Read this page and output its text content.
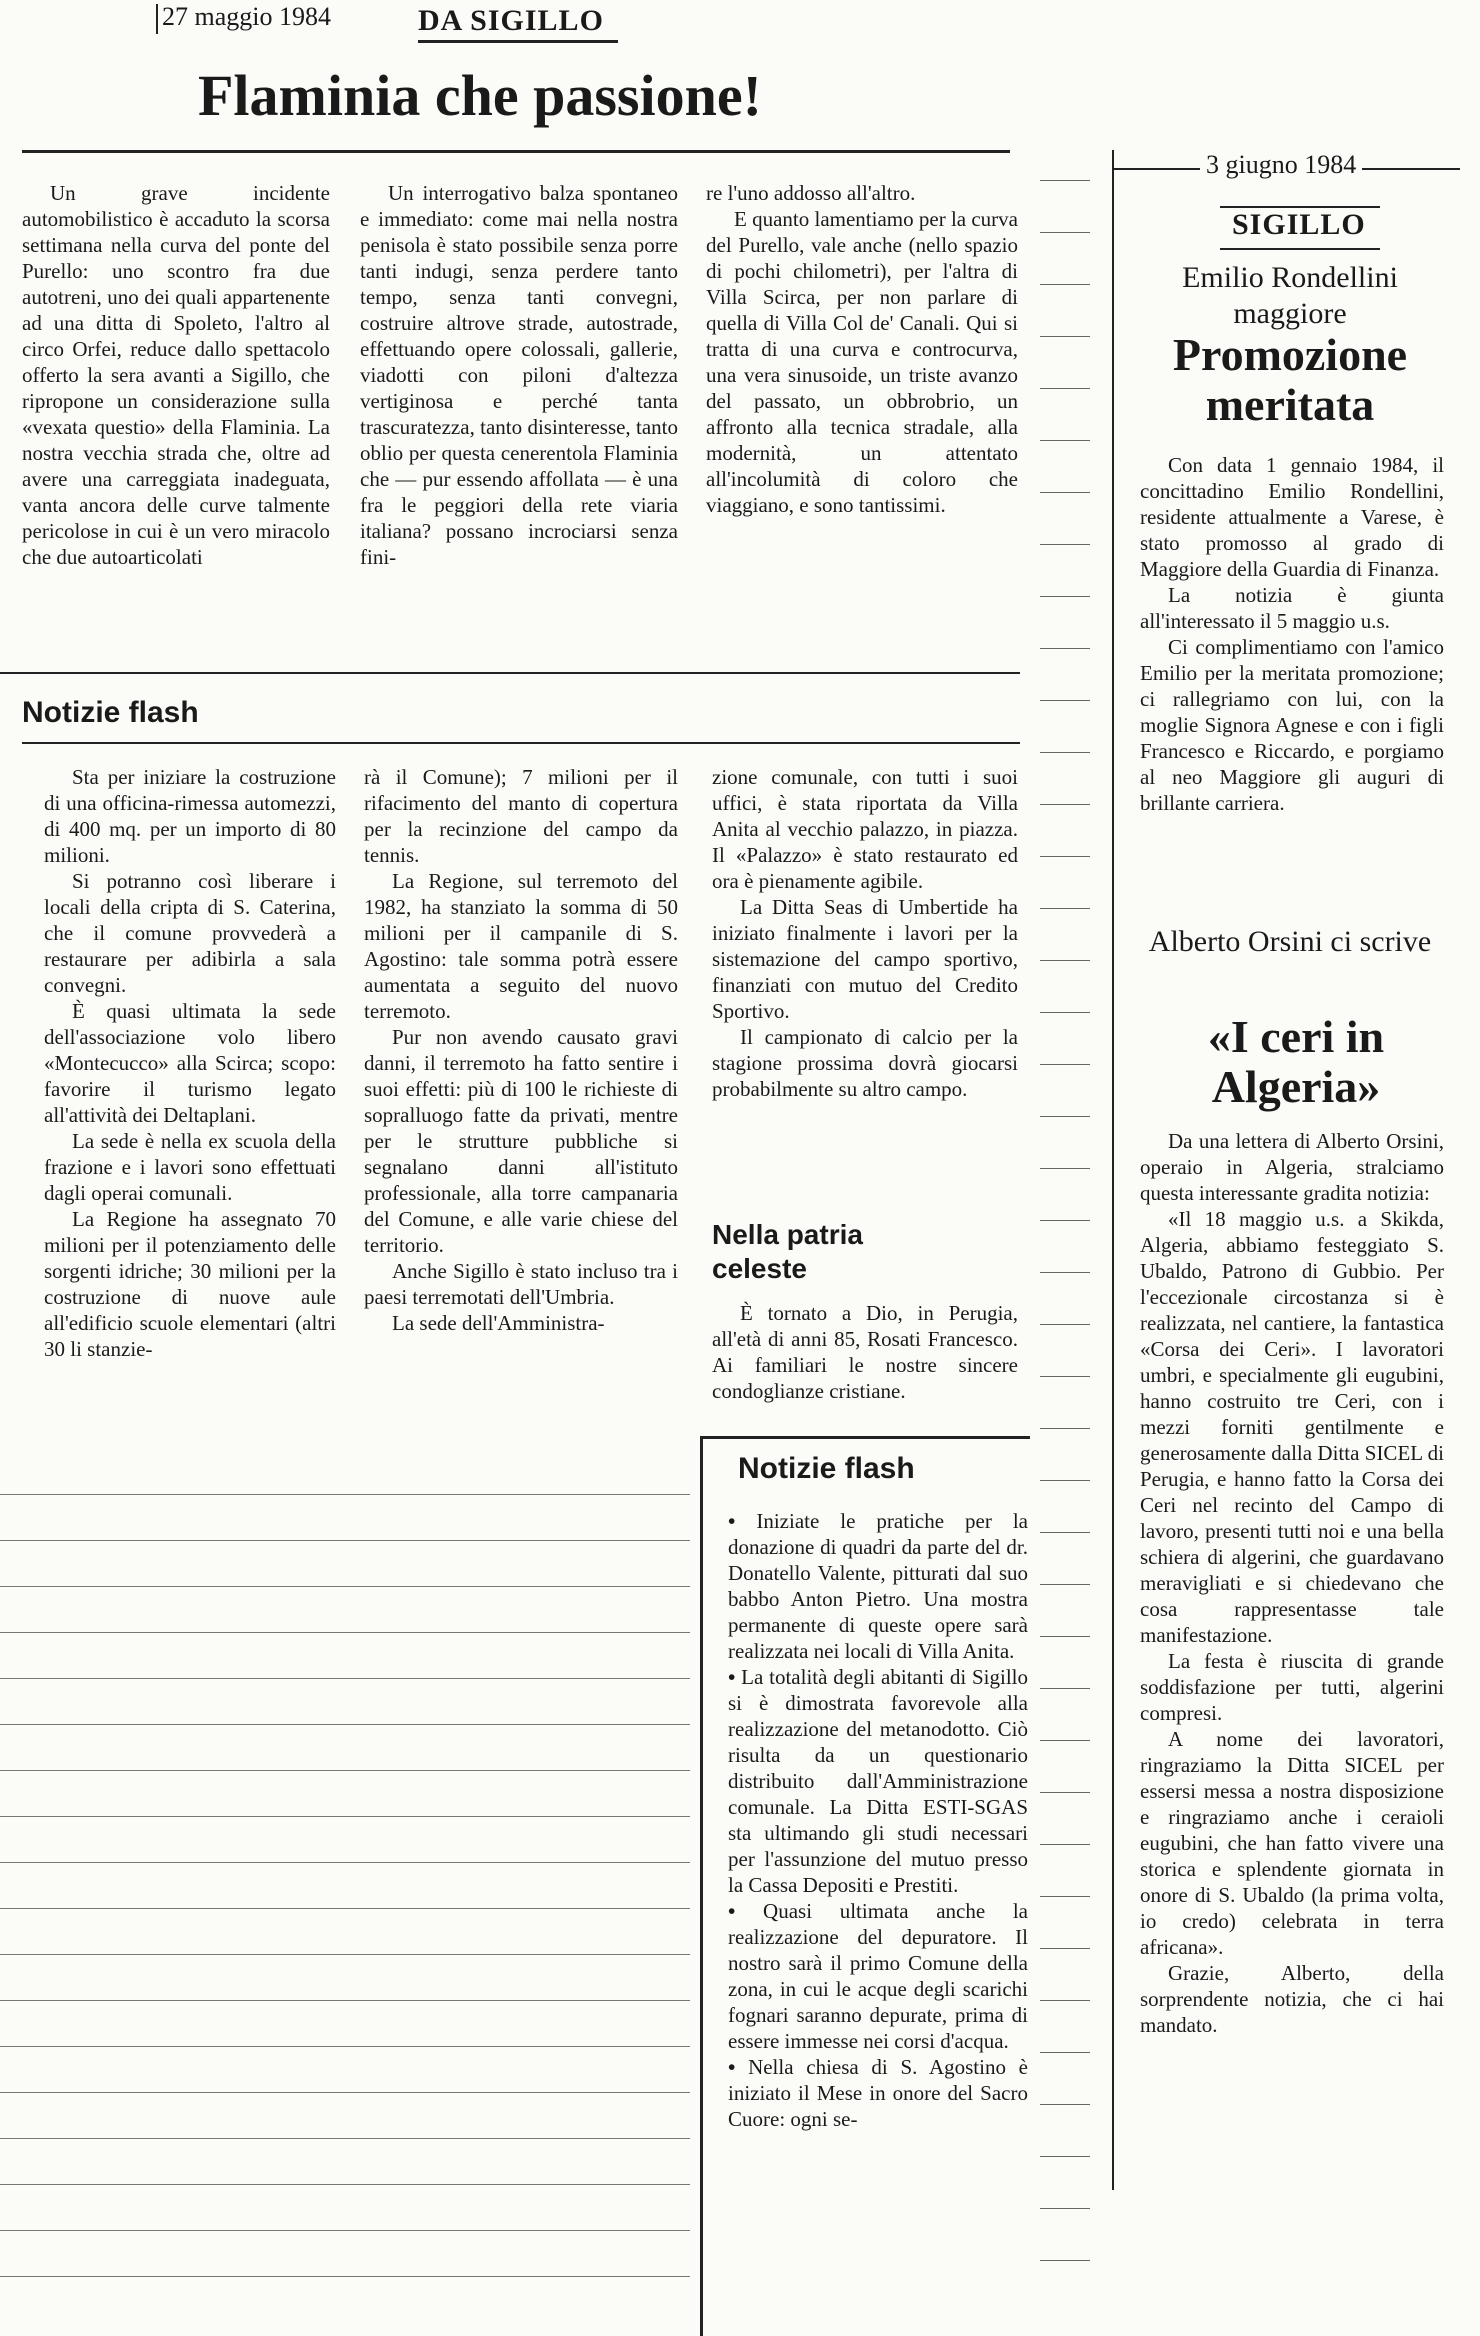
27 maggio 1984	DA SIGILLO
Flaminia che passione!

Un grave incidente automobilistico è accaduto la scorsa settimana nella curva del ponte del Purello: uno scontro fra due autotreni, uno dei quali appartenente ad una ditta di Spoleto, l'altro al circo Orfei, reduce dallo spettacolo offerto la sera avanti a Sigillo, che ripropone un considerazione sulla «vexata questio» della Flaminia. La nostra vecchia strada che, oltre ad avere una carreggiata inadeguata, vanta ancora delle curve talmente pericolose in cui è un vero miracolo che due autoarticolati

Un interrogativo balza spontaneo e immediato: come mai nella nostra penisola è stato possibile senza porre tanti indugi, senza perdere tanto tempo, senza tanti convegni, costruire altrove strade, autostrade, effettuando opere colossali, gallerie, viadotti con piloni d'altezza vertiginosa e perché tanta trascuratezza, tanto disinteresse, tanto oblio per questa cenerentola Flaminia che — pur essendo affollata — è una fra le peggiori della rete viaria italiana? possano incrociarsi senza fini-

re l'uno addosso all'altro.

E quanto lamentiamo per la curva del Purello, vale anche (nello spazio di pochi chilometri), per l'altra di Villa Scirca, per non parlare di quella di Villa Col de' Canali. Qui si tratta di una curva e controcurva, una vera sinusoide, un triste avanzo del passato, un obbrobrio, un affronto alla tecnica stradale, alla modernità, un attentato all'incolumità di coloro che viaggiano, e sono tantissimi.

Notizie flash

Sta per iniziare la costruzione di una officina-rimessa automezzi, di 400 mq. per un importo di 80 milioni.

Si potranno così liberare i locali della cripta di S. Caterina, che il comune provvederà a restaurare per adibirla a sala convegni.

È quasi ultimata la sede dell'associazione volo libero «Montecucco» alla Scirca; scopo: favorire il turismo legato all'attività dei Deltaplani.

La sede è nella ex scuola della frazione e i lavori sono effettuati dagli operai comunali.

La Regione ha assegnato 70 milioni per il potenziamento delle sorgenti idriche; 30 milioni per la costruzione di nuove aule all'edificio scuole elementari (altri 30 li stanzie-

rà il Comune); 7 milioni per il rifacimento del manto di copertura per la recinzione del campo da tennis.

La Regione, sul terremoto del 1982, ha stanziato la somma di 50 milioni per il campanile di S. Agostino: tale somma potrà essere aumentata a seguito del nuovo terremoto.

Pur non avendo causato gravi danni, il terremoto ha fatto sentire i suoi effetti: più di 100 le richieste di sopralluogo fatte da privati, mentre per le strutture pubbliche si segnalano danni all'istituto professionale, alla torre campanaria del Comune, e alle varie chiese del territorio.

Anche Sigillo è stato incluso tra i paesi terremotati dell'Umbria.

La sede dell'Amministra-

zione comunale, con tutti i suoi uffici, è stata riportata da Villa Anita al vecchio palazzo, in piazza. Il «Palazzo» è stato restaurato ed ora è pienamente agibile.

La Ditta Seas di Umbertide ha iniziato finalmente i lavori per la sistemazione del campo sportivo, finanziati con mutuo del Credito Sportivo.

Il campionato di calcio per la stagione prossima dovrà giocarsi probabilmente su altro campo.

Nella patria celeste

È tornato a Dio, in Perugia, all'età di anni 85, Rosati Francesco. Ai familiari le nostre sincere condoglianze cristiane.

Notizie flash

• Iniziate le pratiche per la donazione di quadri da parte del dr. Donatello Valente, pitturati dal suo babbo Anton Pietro. Una mostra permanente di queste opere sarà realizzata nei locali di Villa Anita.

• La totalità degli abitanti di Sigillo si è dimostrata favorevole alla realizzazione del metanodotto. Ciò risulta da un questionario distribuito dall'Amministrazione comunale. La Ditta ESTI-SGAS sta ultimando gli studi necessari per l'assunzione del mutuo presso la Cassa Depositi e Prestiti.

• Quasi ultimata anche la realizzazione del depuratore. Il nostro sarà il primo Comune della zona, in cui le acque degli scarichi fognari saranno depurate, prima di essere immesse nei corsi d'acqua.

• Nella chiesa di S. Agostino è iniziato il Mese in onore del Sacro Cuore: ogni se-

3 giugno 1984
SIGILLO
Emilio Rondellini maggiore
Promozione meritata

Con data 1 gennaio 1984, il concittadino Emilio Rondellini, residente attualmente a Varese, è stato promosso al grado di Maggiore della Guardia di Finanza.

La notizia è giunta all'interessato il 5 maggio u.s.

Ci complimentiamo con l'amico Emilio per la meritata promozione; ci rallegriamo con lui, con la moglie Signora Agnese e con i figli Francesco e Riccardo, e porgiamo al neo Maggiore gli auguri di brillante carriera.

Alberto Orsini ci scrive
«I ceri in Algeria»

Da una lettera di Alberto Orsini, operaio in Algeria, stralciamo questa interessante gradita notizia:

«Il 18 maggio u.s. a Skikda, Algeria, abbiamo festeggiato S. Ubaldo, Patrono di Gubbio. Per l'eccezionale circostanza si è realizzata, nel cantiere, la fantastica «Corsa dei Ceri». I lavoratori umbri, e specialmente gli eugubini, hanno costruito tre Ceri, con i mezzi forniti gentilmente e generosamente dalla Ditta SICEL di Perugia, e hanno fatto la Corsa dei Ceri nel recinto del Campo di lavoro, presenti tutti noi e una bella schiera di algerini, che guardavano meravigliati e si chiedevano che cosa rappresentasse tale manifestazione.

La festa è riuscita di grande soddisfazione per tutti, algerini compresi.

A nome dei lavoratori, ringraziamo la Ditta SICEL per essersi messa a nostra disposizione e ringraziamo anche i ceraioli eugubini, che han fatto vivere una storica e splendente giornata in onore di S. Ubaldo (la prima volta, io credo) celebrata in terra africana».

Grazie, Alberto, della sorprendente notizia, che ci hai mandato.
